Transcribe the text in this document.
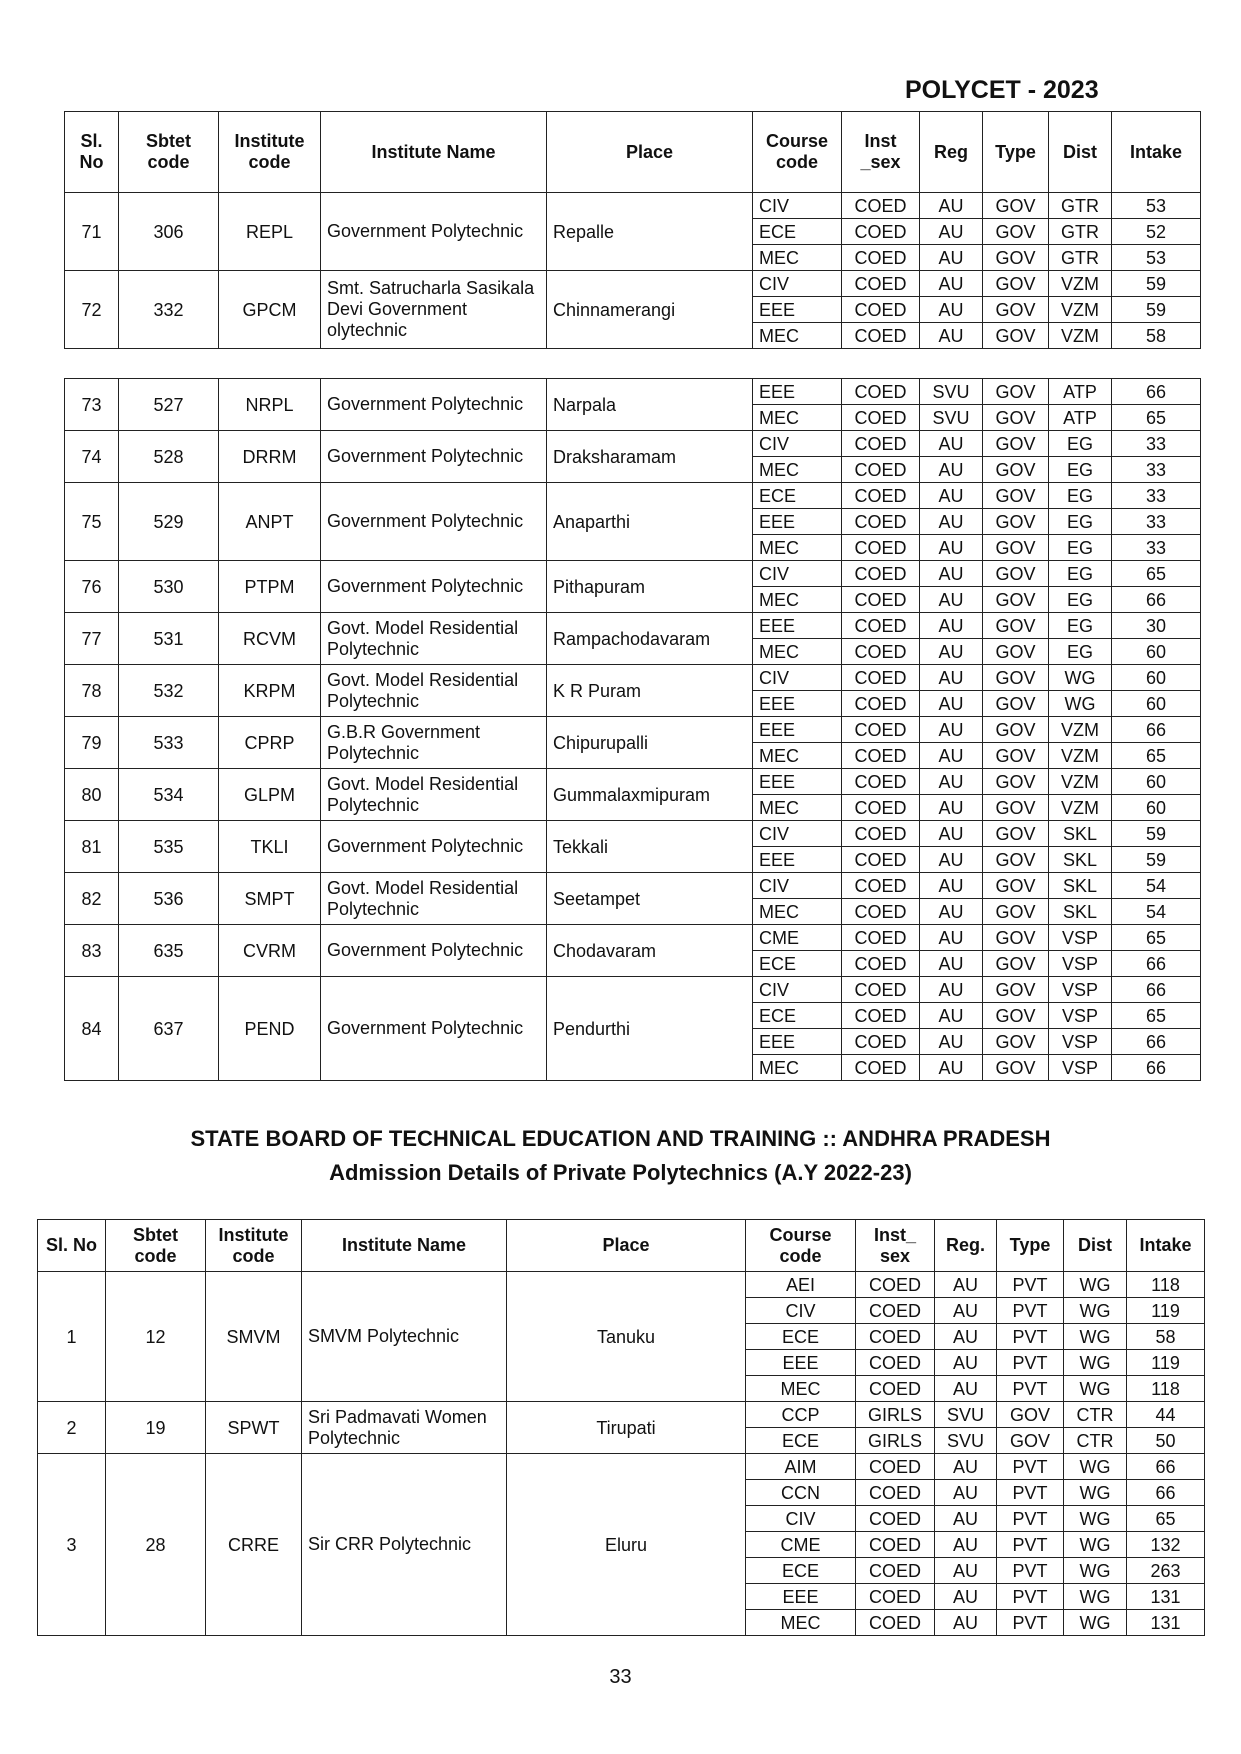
POLYCET - 2023
Sl. No	Sbtet code	Institute code	Institute Name	Place	Course code	Inst _sex	Reg	Type	Dist	Intake
71	306	REPL	Government Polytechnic	Repalle	CIV	COED	AU	GOV	GTR	53
					ECE	COED	AU	GOV	GTR	52
					MEC	COED	AU	GOV	GTR	53
72	332	GPCM	Smt. Satrucharla Sasikala Devi Government olytechnic	Chinnamerangi	CIV	COED	AU	GOV	VZM	59
					EEE	COED	AU	GOV	VZM	59
					MEC	COED	AU	GOV	VZM	58
73	527	NRPL	Government Polytechnic	Narpala	EEE	COED	SVU	GOV	ATP	66
					MEC	COED	SVU	GOV	ATP	65
74	528	DRRM	Government Polytechnic	Draksharamam	CIV	COED	AU	GOV	EG	33
					MEC	COED	AU	GOV	EG	33
75	529	ANPT	Government Polytechnic	Anaparthi	ECE	COED	AU	GOV	EG	33
					EEE	COED	AU	GOV	EG	33
					MEC	COED	AU	GOV	EG	33
76	530	PTPM	Government Polytechnic	Pithapuram	CIV	COED	AU	GOV	EG	65
					MEC	COED	AU	GOV	EG	66
77	531	RCVM	Govt. Model Residential Polytechnic	Rampachodavaram	EEE	COED	AU	GOV	EG	30
					MEC	COED	AU	GOV	EG	60
78	532	KRPM	Govt. Model Residential Polytechnic	K R Puram	CIV	COED	AU	GOV	WG	60
					EEE	COED	AU	GOV	WG	60
79	533	CPRP	G.B.R Government Polytechnic	Chipurupalli	EEE	COED	AU	GOV	VZM	66
					MEC	COED	AU	GOV	VZM	65
80	534	GLPM	Govt. Model Residential Polytechnic	Gummalaxmipuram	EEE	COED	AU	GOV	VZM	60
					MEC	COED	AU	GOV	VZM	60
81	535	TKLI	Government Polytechnic	Tekkali	CIV	COED	AU	GOV	SKL	59
					EEE	COED	AU	GOV	SKL	59
82	536	SMPT	Govt. Model Residential Polytechnic	Seetampet	CIV	COED	AU	GOV	SKL	54
					MEC	COED	AU	GOV	SKL	54
83	635	CVRM	Government Polytechnic	Chodavaram	CME	COED	AU	GOV	VSP	65
					ECE	COED	AU	GOV	VSP	66
84	637	PEND	Government Polytechnic	Pendurthi	CIV	COED	AU	GOV	VSP	66
					ECE	COED	AU	GOV	VSP	65
					EEE	COED	AU	GOV	VSP	66
					MEC	COED	AU	GOV	VSP	66
STATE BOARD OF TECHNICAL EDUCATION AND TRAINING :: ANDHRA PRADESH
Admission Details of Private Polytechnics (A.Y 2022-23)
Sl. No	Sbtet code	Institute code	Institute Name	Place	Course code	Inst_ sex	Reg.	Type	Dist	Intake
1	12	SMVM	SMVM Polytechnic	Tanuku	AEI	COED	AU	PVT	WG	118
					CIV	COED	AU	PVT	WG	119
					ECE	COED	AU	PVT	WG	58
					EEE	COED	AU	PVT	WG	119
					MEC	COED	AU	PVT	WG	118
2	19	SPWT	Sri Padmavati Women Polytechnic	Tirupati	CCP	GIRLS	SVU	GOV	CTR	44
					ECE	GIRLS	SVU	GOV	CTR	50
3	28	CRRE	Sir CRR Polytechnic	Eluru	AIM	COED	AU	PVT	WG	66
					CCN	COED	AU	PVT	WG	66
					CIV	COED	AU	PVT	WG	65
					CME	COED	AU	PVT	WG	132
					ECE	COED	AU	PVT	WG	263
					EEE	COED	AU	PVT	WG	131
					MEC	COED	AU	PVT	WG	131
33
